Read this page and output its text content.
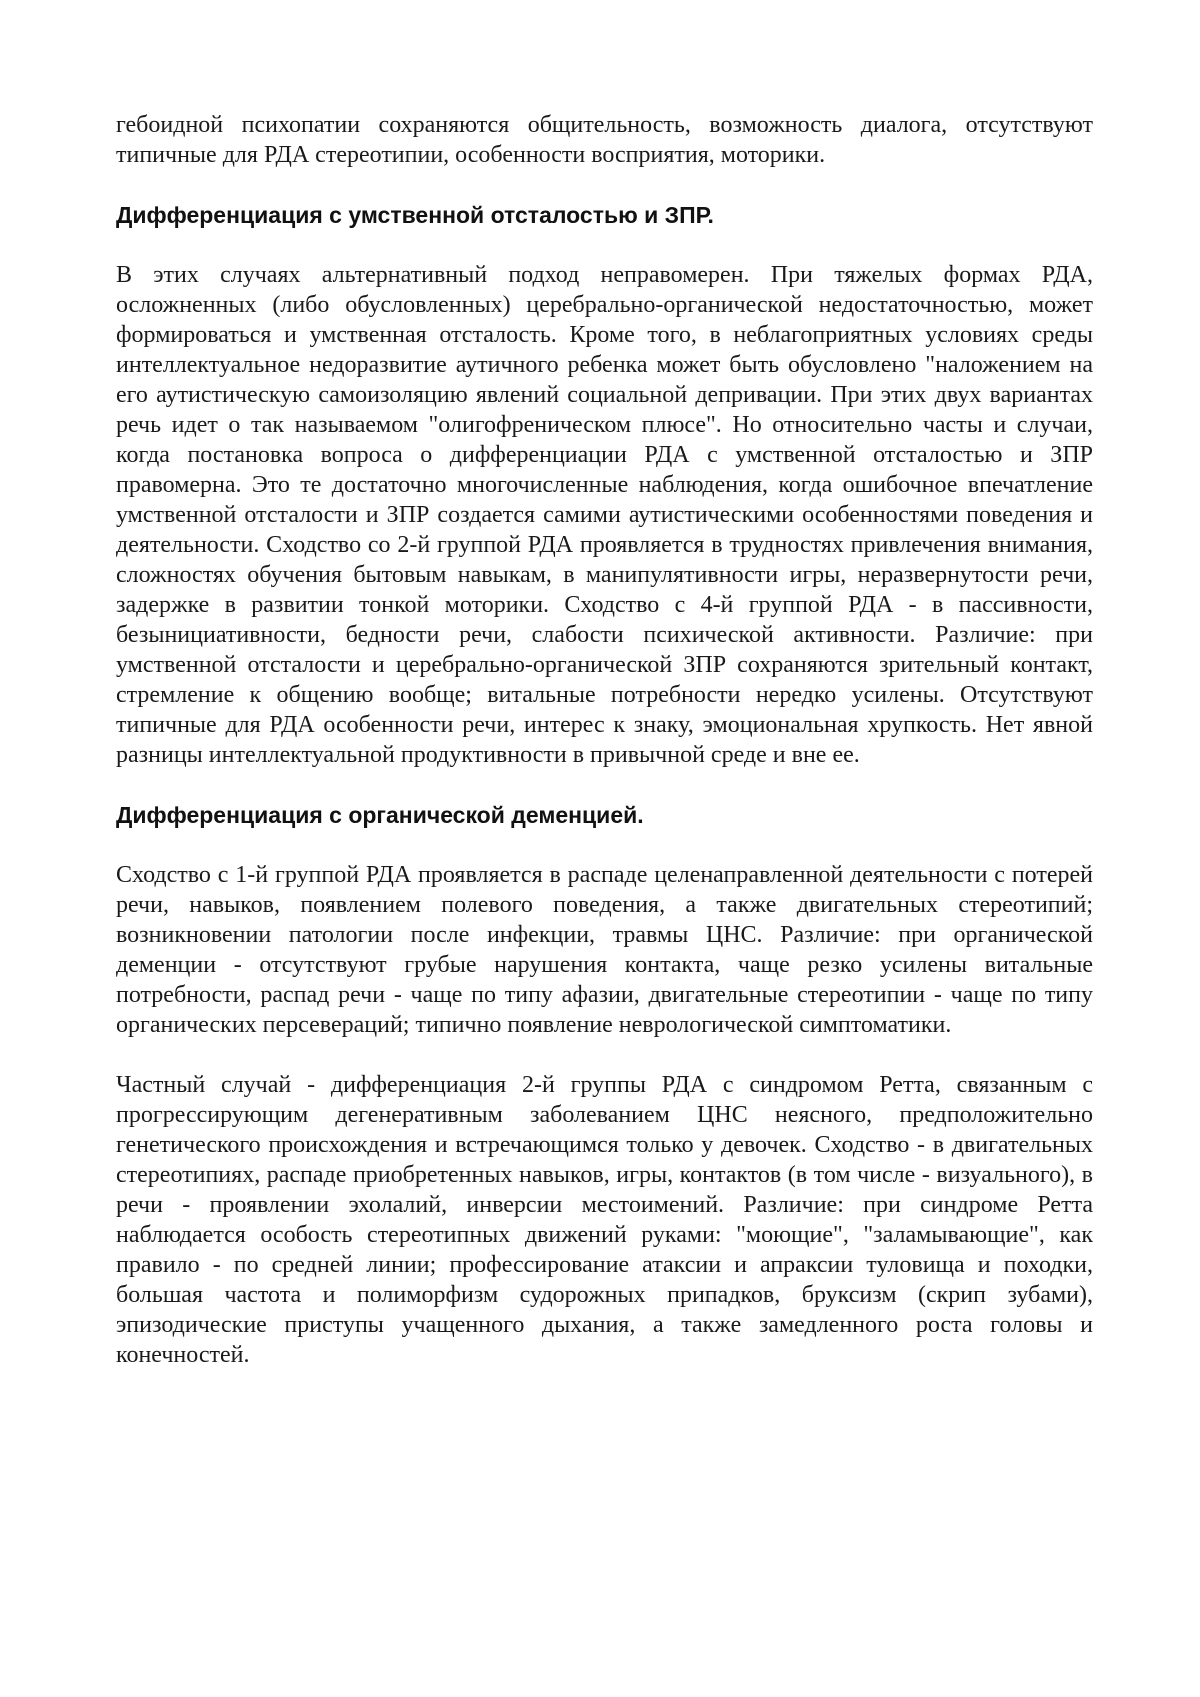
гебоидной психопатии сохраняются общительность, возможность диалога, отсутствуют типичные для РДА стереотипии, особенности восприятия, моторики.

Дифференциация с умственной отсталостью и ЗПР.

В этих случаях альтернативный подход неправомерен. При тяжелых формах РДА, осложненных (либо обусловленных) церебрально-органической недостаточностью, может формироваться и умственная отсталость. Кроме того, в неблагоприятных условиях среды интеллектуальное недоразвитие аутичного ребенка может быть обусловлено "наложением на его аутистическую самоизоляцию явлений социальной депривации. При этих двух вариантах речь идет о так называемом "олигофреническом плюсе". Но относительно часты и случаи, когда постановка вопроса о дифференциации РДА с умственной отсталостью и ЗПР правомерна. Это те достаточно многочисленные наблюдения, когда ошибочное впечатление умственной отсталости и ЗПР создается самими аутистическими особенностями поведения и деятельности. Сходство со 2-й группой РДА проявляется в трудностях привлечения внимания, сложностях обучения бытовым навыкам, в манипулятивности игры, неразвернутости речи, задержке в развитии тонкой моторики. Сходство с 4-й группой РДА - в пассивности, безынициативности, бедности речи, слабости психической активности. Различие: при умственной отсталости и церебрально-органической ЗПР сохраняются зрительный контакт, стремление к общению вообще; витальные потребности нередко усилены. Отсутствуют типичные для РДА особенности речи, интерес к знаку, эмоциональная хрупкость. Нет явной разницы интеллектуальной продуктивности в привычной среде и вне ее.

Дифференциация с органической деменцией.

Сходство с 1-й группой РДА проявляется в распаде целенаправленной деятельности с потерей речи, навыков, появлением полевого поведения, а также двигательных стереотипий; возникновении патологии после инфекции, травмы ЦНС. Различие: при органической деменции - отсутствуют грубые нарушения контакта, чаще резко усилены витальные потребности, распад речи - чаще по типу афазии, двигательные стереотипии - чаще по типу органических персевераций; типично появление неврологической симптоматики.

Частный случай - дифференциация 2-й группы РДА с синдромом Ретта, связанным с прогрессирующим дегенеративным заболеванием ЦНС неясного, предположительно генетического происхождения и встречающимся только у девочек. Сходство - в двигательных стереотипиях, распаде приобретенных навыков, игры, контактов (в том числе - визуального), в речи - проявлении эхолалий, инверсии местоимений. Различие: при синдроме Ретта наблюдается особость стереотипных движений руками: "моющие", "заламывающие", как правило - по средней линии; профессирование атаксии и апраксии туловища и походки, большая частота и полиморфизм судорожных припадков, бруксизм (скрип зубами), эпизодические приступы учащенного дыхания, а также замедленного роста головы и конечностей.
